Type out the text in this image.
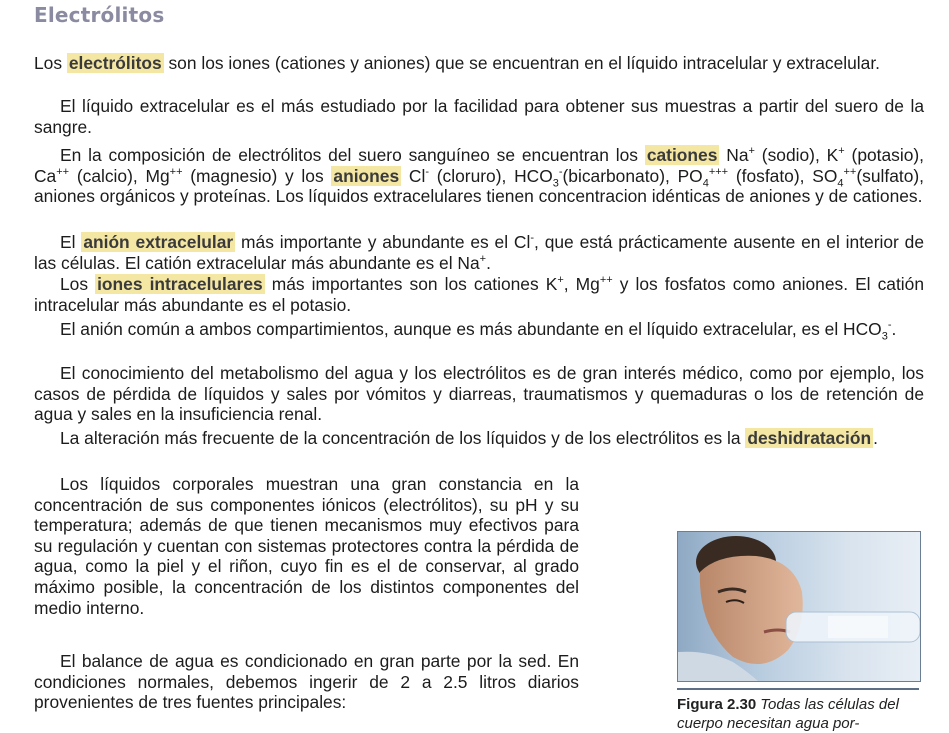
Electrólitos

Los electrólitos son los iones (cationes y aniones) que se encuentran en el líquido intracelular y extracelular.

El líquido extracelular es el más estudiado por la facilidad para obtener sus muestras a partir del suero de la sangre.

En la composición de electrólitos del suero sanguíneo se encuentran los cationes Na+ (sodio), K+ (potasio), Ca++ (calcio), Mg++ (magnesio) y los aniones Cl- (cloruro), $HCO_3^-(bicarbonato)$, $PO_4^{+++}$ (fosfato), $SO_4^{++}(sulfato)$, aniones orgánicos y proteínas. Los líquidos extracelulares tienen concentracion idénticas de aniones y de cationes.

El anión extracelular más importante y abundante es el Cl-, que está prácticamente ausente en el interior de las células. El catión extracelular más abundante es el Na+.

Los iones intracelulares más importantes son los cationes K+, Mg++ y los fosfatos como aniones. El catión intracelular más abundante es el potasio.

El anión común a ambos compartimientos, aunque es más abundante en el líquido extracelular, es el $HCO_3^-$.

El conocimiento del metabolismo del agua y los electrólitos es de gran interés médico, como por ejemplo, los casos de pérdida de líquidos y sales por vómitos y diarreas, traumatismos y quemaduras o los de retención de agua y sales en la insuficiencia renal.

La alteración más frecuente de la concentración de los líquidos y de los electrólitos es la deshidratación .

Los líquidos corporales muestran una gran constancia en la concentración de sus componentes iónicos (electrólitos), su pH y su temperatura; además de que tienen mecanismos muy efectivos para su regulación y cuentan con sistemas protectores contra la pérdida de agua, como la piel y el riñon, cuyo fin es el de conservar, al grado máximo posible, la concentración de los distintos componentes del medio interno.

El balance de agua es condicionado en gran parte por la sed. En condiciones normales, debemos ingerir de 2 a 2.5 litros diarios provenientes de tres fuentes principales:	Figura 2.30 Todas las células del cuerpo necesitan agua por-
